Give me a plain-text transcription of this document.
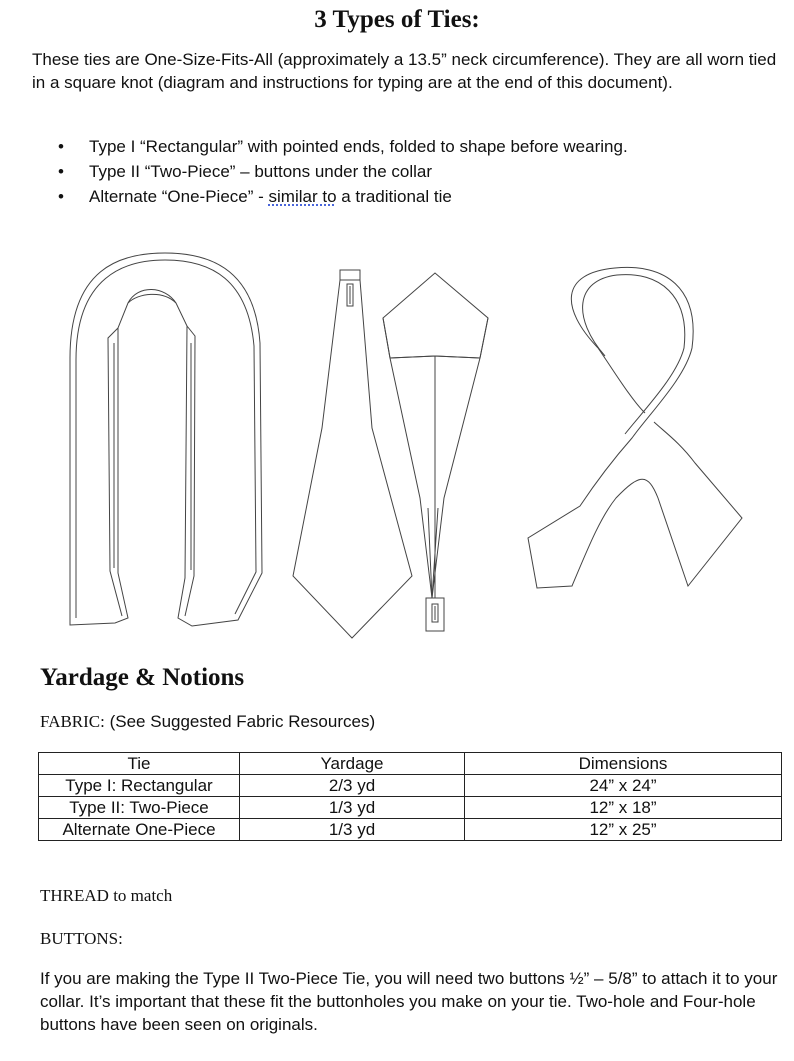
3 Types of Ties:

These ties are One-Size-Fits-All (approximately a 13.5” neck circumference). They are all worn tied in a square knot (diagram and instructions for typing are at the end of this document).

• Type I “Rectangular” with pointed ends, folded to shape before wearing.
• Type II “Two-Piece” – buttons under the collar
• Alternate “One-Piece” - similar to a traditional tie
Yardage & Notions

FABRIC: (See Suggested Fabric Resources)

Tie	Yardage	Dimensions
Type I: Rectangular	2/3 yd	24” x 24”
Type II: Two-Piece	1/3 yd	12” x 18”
Alternate One-Piece	1/3 yd	12” x 25”

THREAD to match

BUTTONS:

If you are making the Type II Two-Piece Tie, you will need two buttons ½” – 5/8” to attach it to your collar. It’s important that these fit the buttonholes you make on your tie. Two-hole and Four-hole buttons have been seen on originals.
